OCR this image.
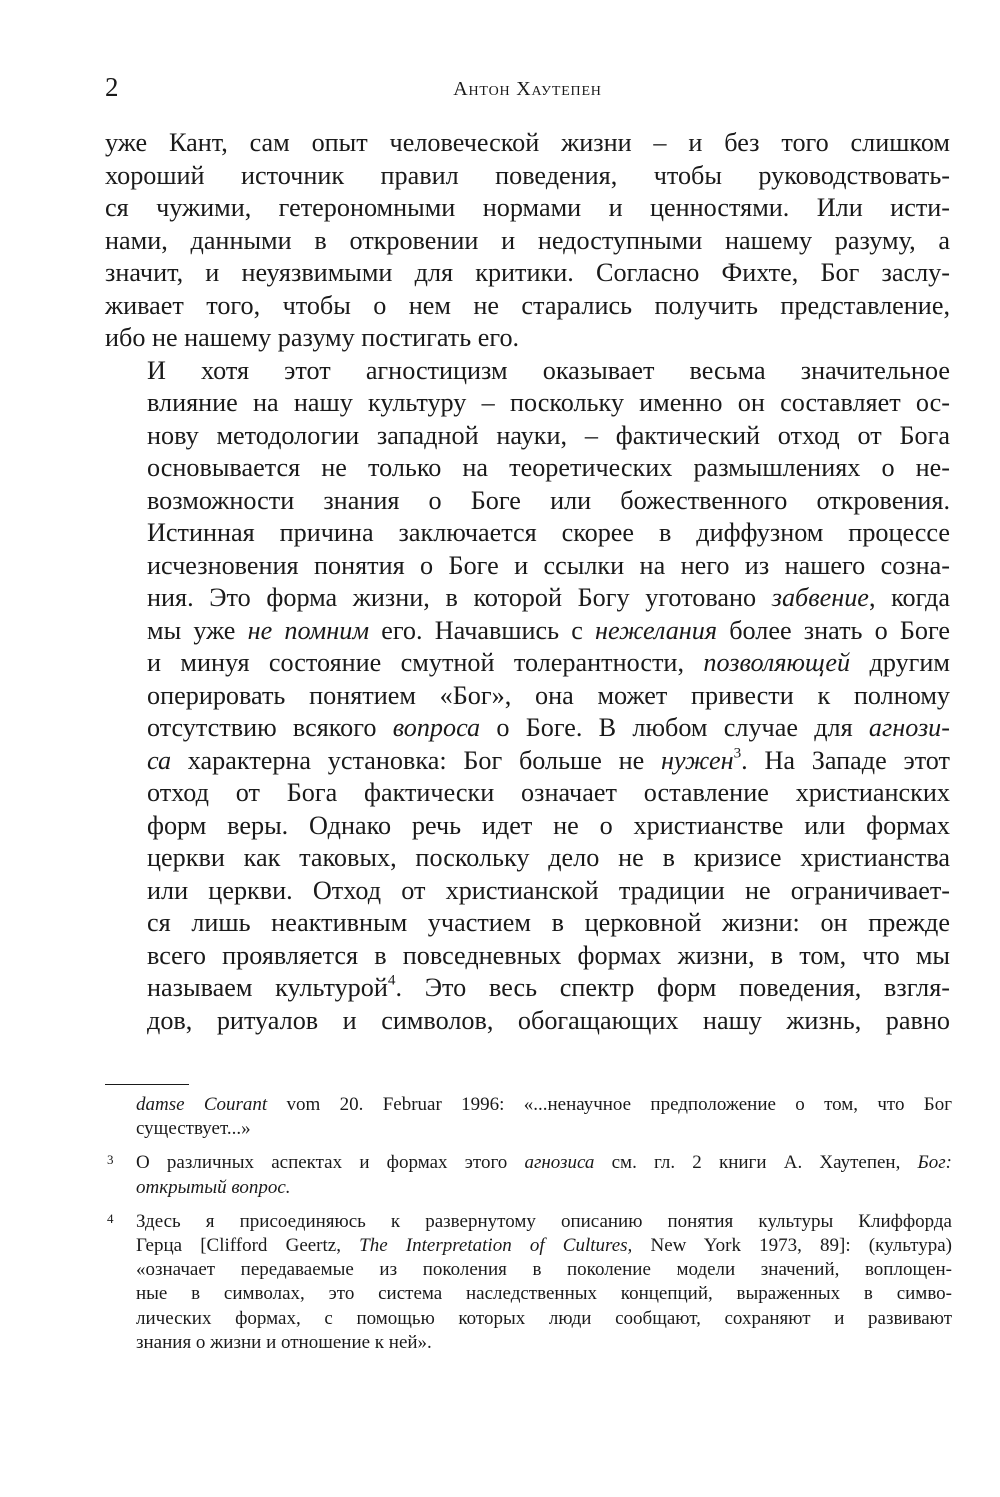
2	Антон Хаутепен

уже Кант, сам опыт человеческой жизни – и без того слишком
хороший источник правил поведения, чтобы руководствовать-
ся чужими, гетерономными нормами и ценностями. Или исти-
нами, данными в откровении и недоступными нашему разуму, а
значит, и неуязвимыми для критики. Согласно Фихте, Бог заслу-
живает того, чтобы о нем не старались получить представление,
ибо не нашему разуму постигать его.

И хотя этот агностицизм оказывает весьма значительное
влияние на нашу культуру – поскольку именно он составляет ос-
нову методологии западной науки, – фактический отход от Бога
основывается не только на теоретических размышлениях о не-
возможности знания о Боге или божественного откровения.
Истинная причина заключается скорее в диффузном процессе
исчезновения понятия о Боге и ссылки на него из нашего созна-
ния. Это форма жизни, в которой Богу уготовано забвение, когда
мы уже не помним его. Начавшись с нежелания более знать о Боге
и минуя состояние смутной толерантности, позволяющей другим
оперировать понятием «Бог», она может привести к полному
отсутствию всякого вопроса о Боге. В любом случае для агнози-
са характерна установка: Бог больше не нужен$^3$. На Западе этот
отход от Бога фактически означает оставление христианских
форм веры. Однако речь идет не о христианстве или формах
церкви как таковых, поскольку дело не в кризисе христианства
или церкви. Отход от христианской традиции не ограничивает-
ся лишь неактивным участием в церковной жизни: он прежде
всего проявляется в повседневных формах жизни, в том, что мы
называем культурой$^4$. Это весь спектр форм поведения, взгля-
дов, ритуалов и символов, обогащающих нашу жизнь, равно

damse Courant vom 20. Februar 1996: «...ненаучное предположение о том, что Бог
существует...»
3 О различных аспектах и формах этого агнозиса см. гл. 2 книги А. Хаутепен, Бог:
открытый вопрос.
4 Здесь я присоединяюсь к развернутому описанию понятия культуры Клиффорда
Герца [Clifford Geertz, The Interpretation of Cultures, New York 1973, 89]: (культура)
«означает передаваемые из поколения в поколение модели значений, воплощен-
ные в символах, это система наследственных концепций, выраженных в симво-
лических формах, с помощью которых люди сообщают, сохраняют и развивают
знания о жизни и отношение к ней».
